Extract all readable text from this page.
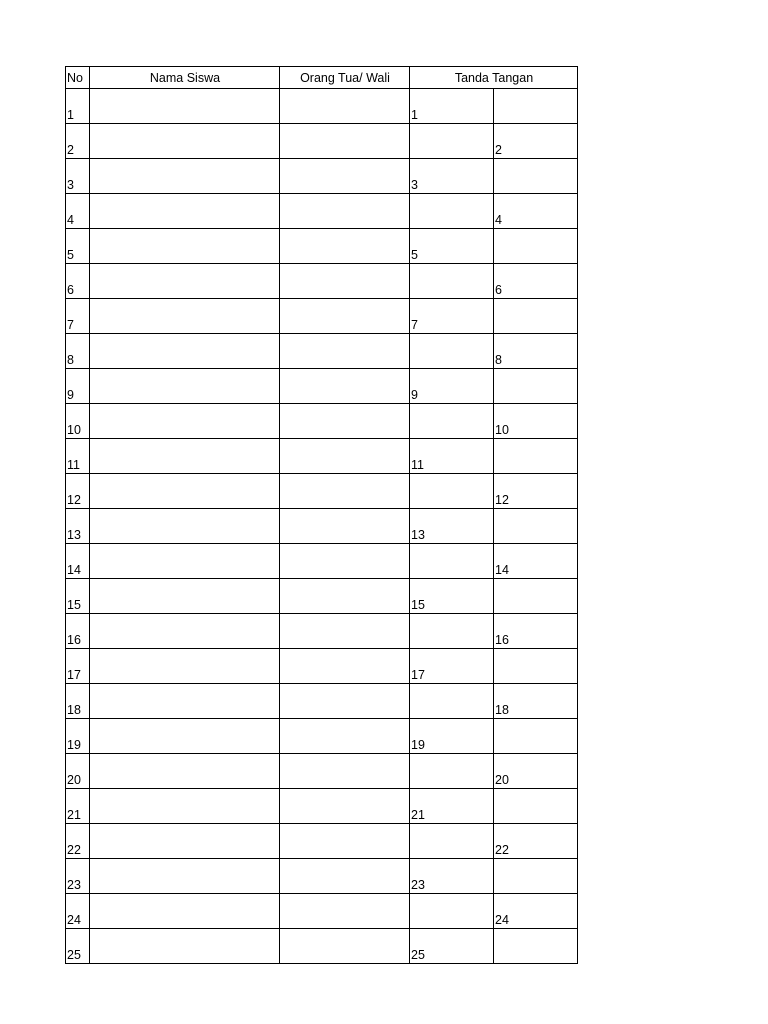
No	Nama Siswa	Orang Tua/ Wali	Tanda Tangan	
1			1	
2				2
3			3	
4				4
5			5	
6				6
7			7	
8				8
9			9	
10				10
11			11	
12				12
13			13	
14				14
15			15	
16				16
17			17	
18				18
19			19	
20				20
21			21	
22				22
23			23	
24				24
25			25	
